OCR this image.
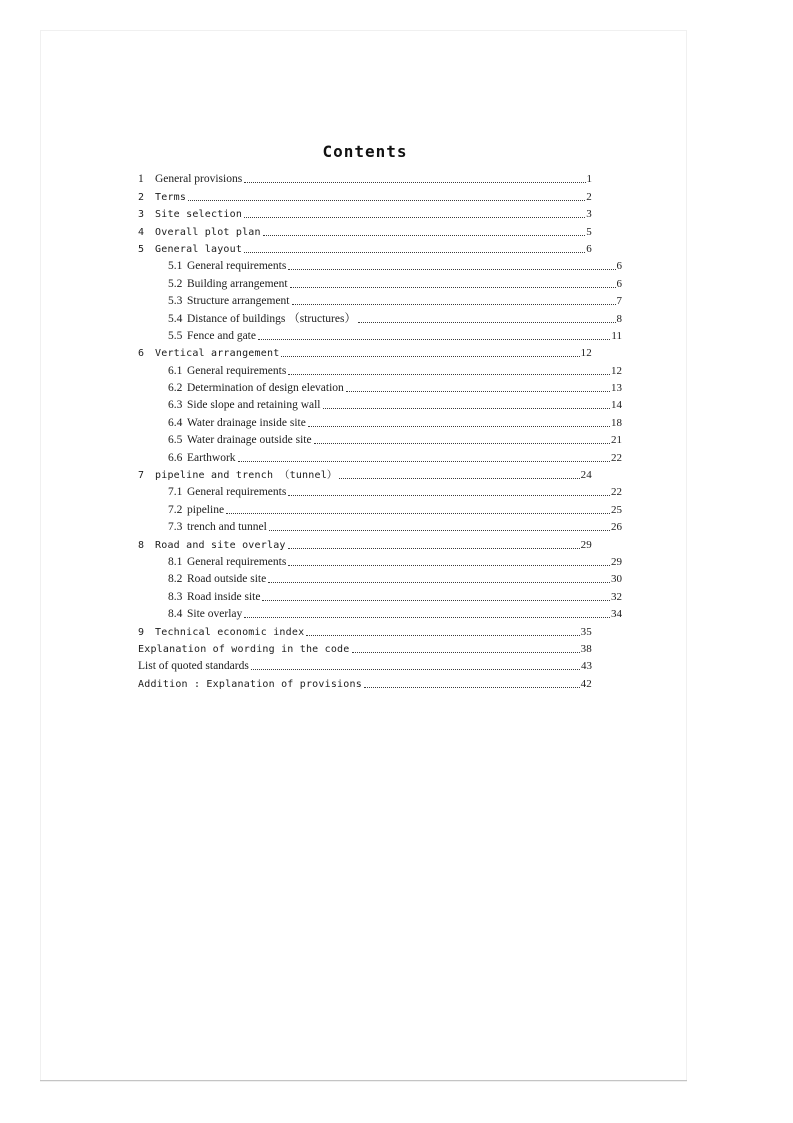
Contents
1 General provisions	1
2	Terms	2
3	Site selection	3
4	Overall plot plan	5
5	General layout	6
5.1 General requirements	6
5.2 Building arrangement	6
5.3 Structure arrangement	7
5.4 Distance of buildings （structures）	8
5.5 Fence and gate	11
6	Vertical arrangement	12
6.1 General requirements	12
6.2 Determination of design elevation	13
6.3 Side slope and retaining wall	14
6.4 Water drainage inside site	18
6.5 Water drainage outside site	21
6.6 Earthwork	22
7	pipeline and trench （tunnel）	24
7.1 General requirements	22
7.2 pipeline	25
7.3 trench and tunnel	26
8	Road and site overlay	29
8.1 General requirements	29
8.2 Road outside site	30
8.3 Road inside site	32
8.4 Site overlay	34
9	Technical economic index	35
Explanation of wording in the code	38
List of quoted standards	43
Addition : Explanation of provisions	42
